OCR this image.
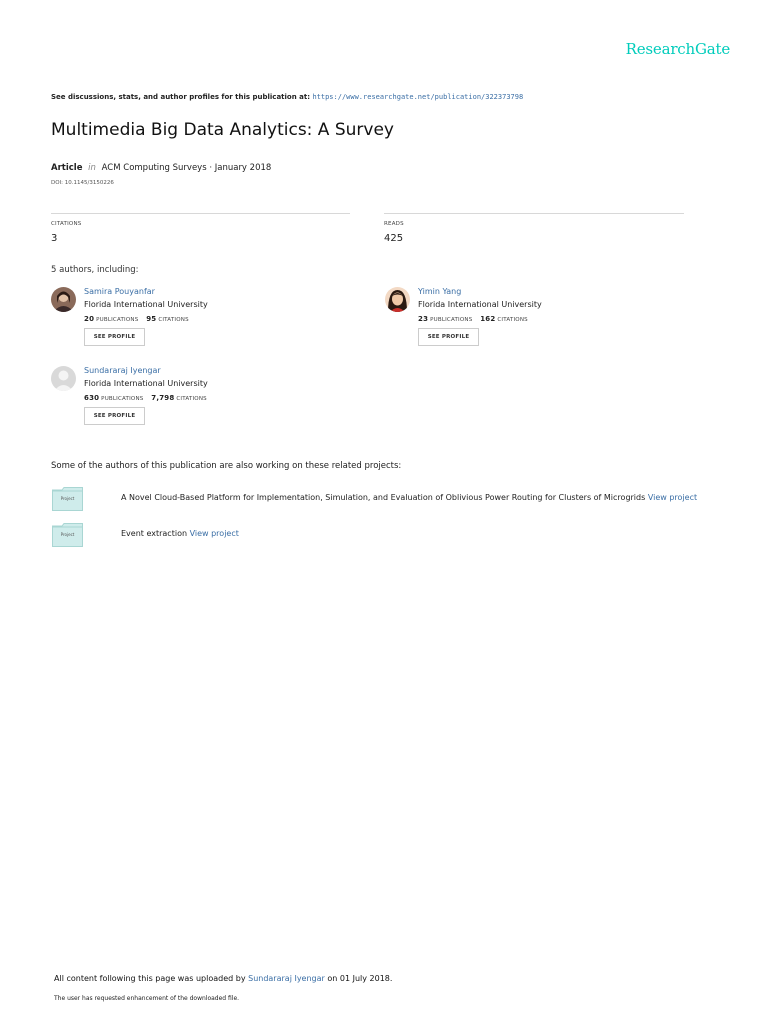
ResearchGate
See discussions, stats, and author profiles for this publication at: https://www.researchgate.net/publication/322373798
Multimedia Big Data Analytics: A Survey
Article in ACM Computing Surveys · January 2018
DOI: 10.1145/3150226
CITATIONS
3
READS
425
5 authors, including:
Samira Pouyanfar
Florida International University
20 PUBLICATIONS 95 CITATIONS
SEE PROFILE
Yimin Yang
Florida International University
23 PUBLICATIONS 162 CITATIONS
SEE PROFILE
Sundararaj Iyengar
Florida International University
630 PUBLICATIONS 7,798 CITATIONS
SEE PROFILE
Some of the authors of this publication are also working on these related projects:
Project	A Novel Cloud-Based Platform for Implementation, Simulation, and Evaluation of Oblivious Power Routing for Clusters of Microgrids View project
Project	Event extraction View project
All content following this page was uploaded by Sundararaj Iyengar on 01 July 2018.
The user has requested enhancement of the downloaded file.
